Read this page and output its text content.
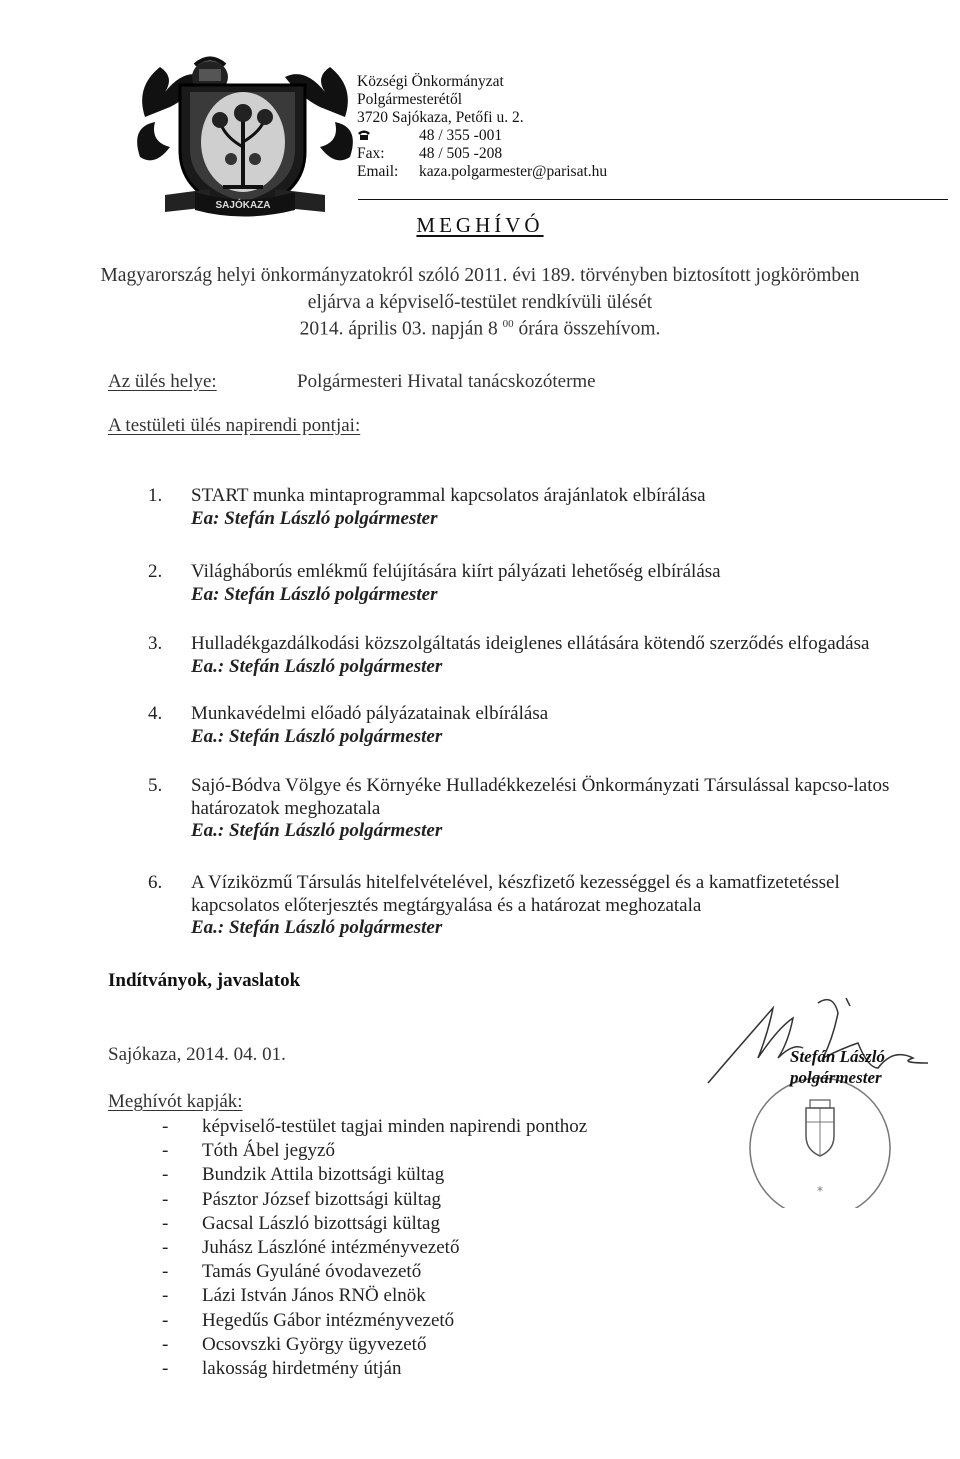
SAJÓKAZA
Községi Önkormányzat
Polgármesterétől
3720 Sajókaza, Petőfi u. 2.
48 / 355 -001
Fax: 48 / 505 -208
Email: kaza.polgarmester@parisat.hu
MEGHÍVÓ
Magyarország helyi önkormányzatokról szóló 2011. évi 189. törvényben biztosított jogkörömben
eljárva a képviselő-testület rendkívüli ülését
2014. április 03. napján 8 $^{00}$ órára összehívom.
Az ülés helye:	Polgármesteri Hivatal tanácskozóterme
A testületi ülés napirendi pontjai:
1.	START munka mintaprogrammal kapcsolatos árajánlatok elbírálása
Ea: Stefán László polgármester
2.	Világháborús emlékmű felújítására kiírt pályázati lehetőség elbírálása
Ea: Stefán László polgármester
3.	Hulladékgazdálkodási közszolgáltatás ideiglenes ellátására kötendő szerződés elfogadása
Ea.: Stefán László polgármester
4.	Munkavédelmi előadó pályázatainak elbírálása
Ea.: Stefán László polgármester
5.	Sajó-Bódva Völgye és Környéke Hulladékkezelési Önkormányzati Társulással kapcso-latos határozatok meghozatala
Ea.: Stefán László polgármester
6.	A Víziközmű Társulás hitelfelvételével, készfizető kezességgel és a kamatfizetetéssel kapcsolatos előterjesztés megtárgyalása és a határozat meghozatala
Ea.: Stefán László polgármester
Indítványok, javaslatok
Sajókaza, 2014. 04. 01.
Meghívót kapják:
- képviselő-testület tagjai minden napirendi ponthoz
- Tóth Ábel jegyző
- Bundzik Attila bizottsági kültag
- Pásztor József bizottsági kültag
- Gacsal László bizottsági kültag
- Juhász Lászlóné intézményvezető
- Tamás Gyuláné óvodavezető
- Lázi István János RNÖ elnök
- Hegedűs Gábor intézményvezető
- Ocsovszki György ügyvezető
- lakosság hirdetmény útján
*
Stefán László
polgármester
